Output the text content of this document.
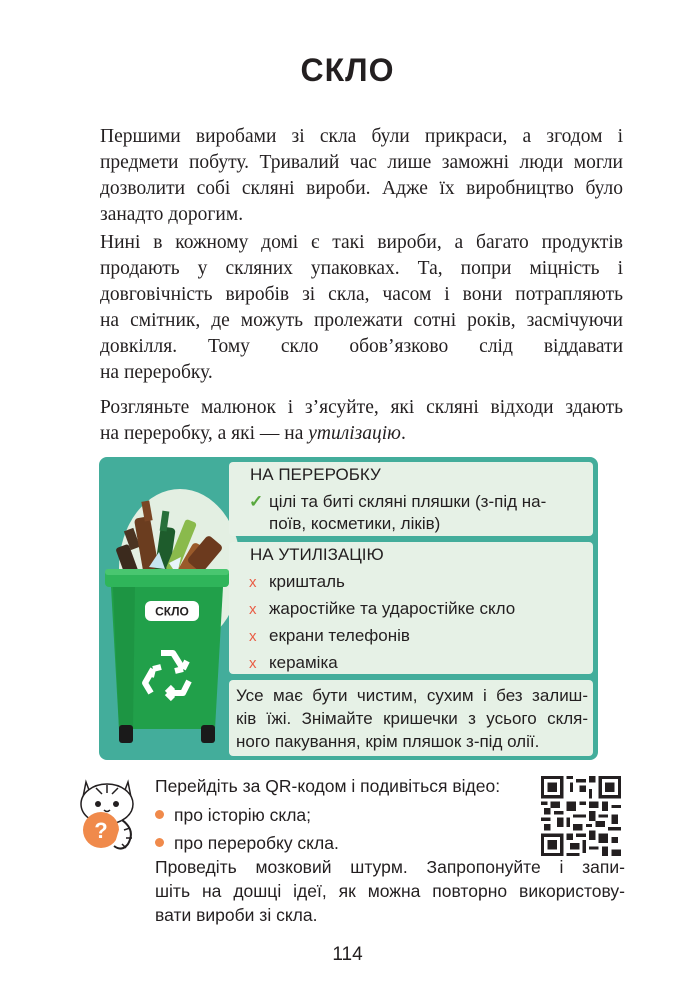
СКЛО

Першими виробами зі скла були прикраси, а згодом і
предмети побуту. Тривалий час лише заможні люди могли
дозволити собі скляні вироби. Адже їх виробництво було
занадто дорогим.

Нині в кожному домі є такі вироби, а багато продуктів
продають у скляних упаковках. Та, попри міцність і
довговічність виробів зі скла, часом і вони потрапляють
на смітник, де можуть пролежати сотні років, засмічуючи
довкілля. Тому скло обов’язково слід віддавати
на переробку.

Розгляньте малюнок і з’ясуйте, які скляні відходи здають
на переробку, а які — на утилізацію.

СКЛО
НА ПЕРЕРОБКУ
✓ цілі та биті скляні пляшки (з-під на-
поїв, косметики, ліків)
НА УТИЛІЗАЦІЮ
x кришталь
x жаростійке та ударостійке скло
x екрани телефонів
x кераміка
Усе має бути чистим, сухим і без залиш-
ків їжі. Знімайте кришечки з усього скля-
ного пакування, крім пляшок з-під олії.
?
Перейдіть за QR-кодом і подивіться відео:
про історію скла;
про переробку скла.
Проведіть мозковий штурм. Запропонуйте і запи-
шіть на дошці ідеї, як можна повторно використову-
вати вироби зі скла.
114
